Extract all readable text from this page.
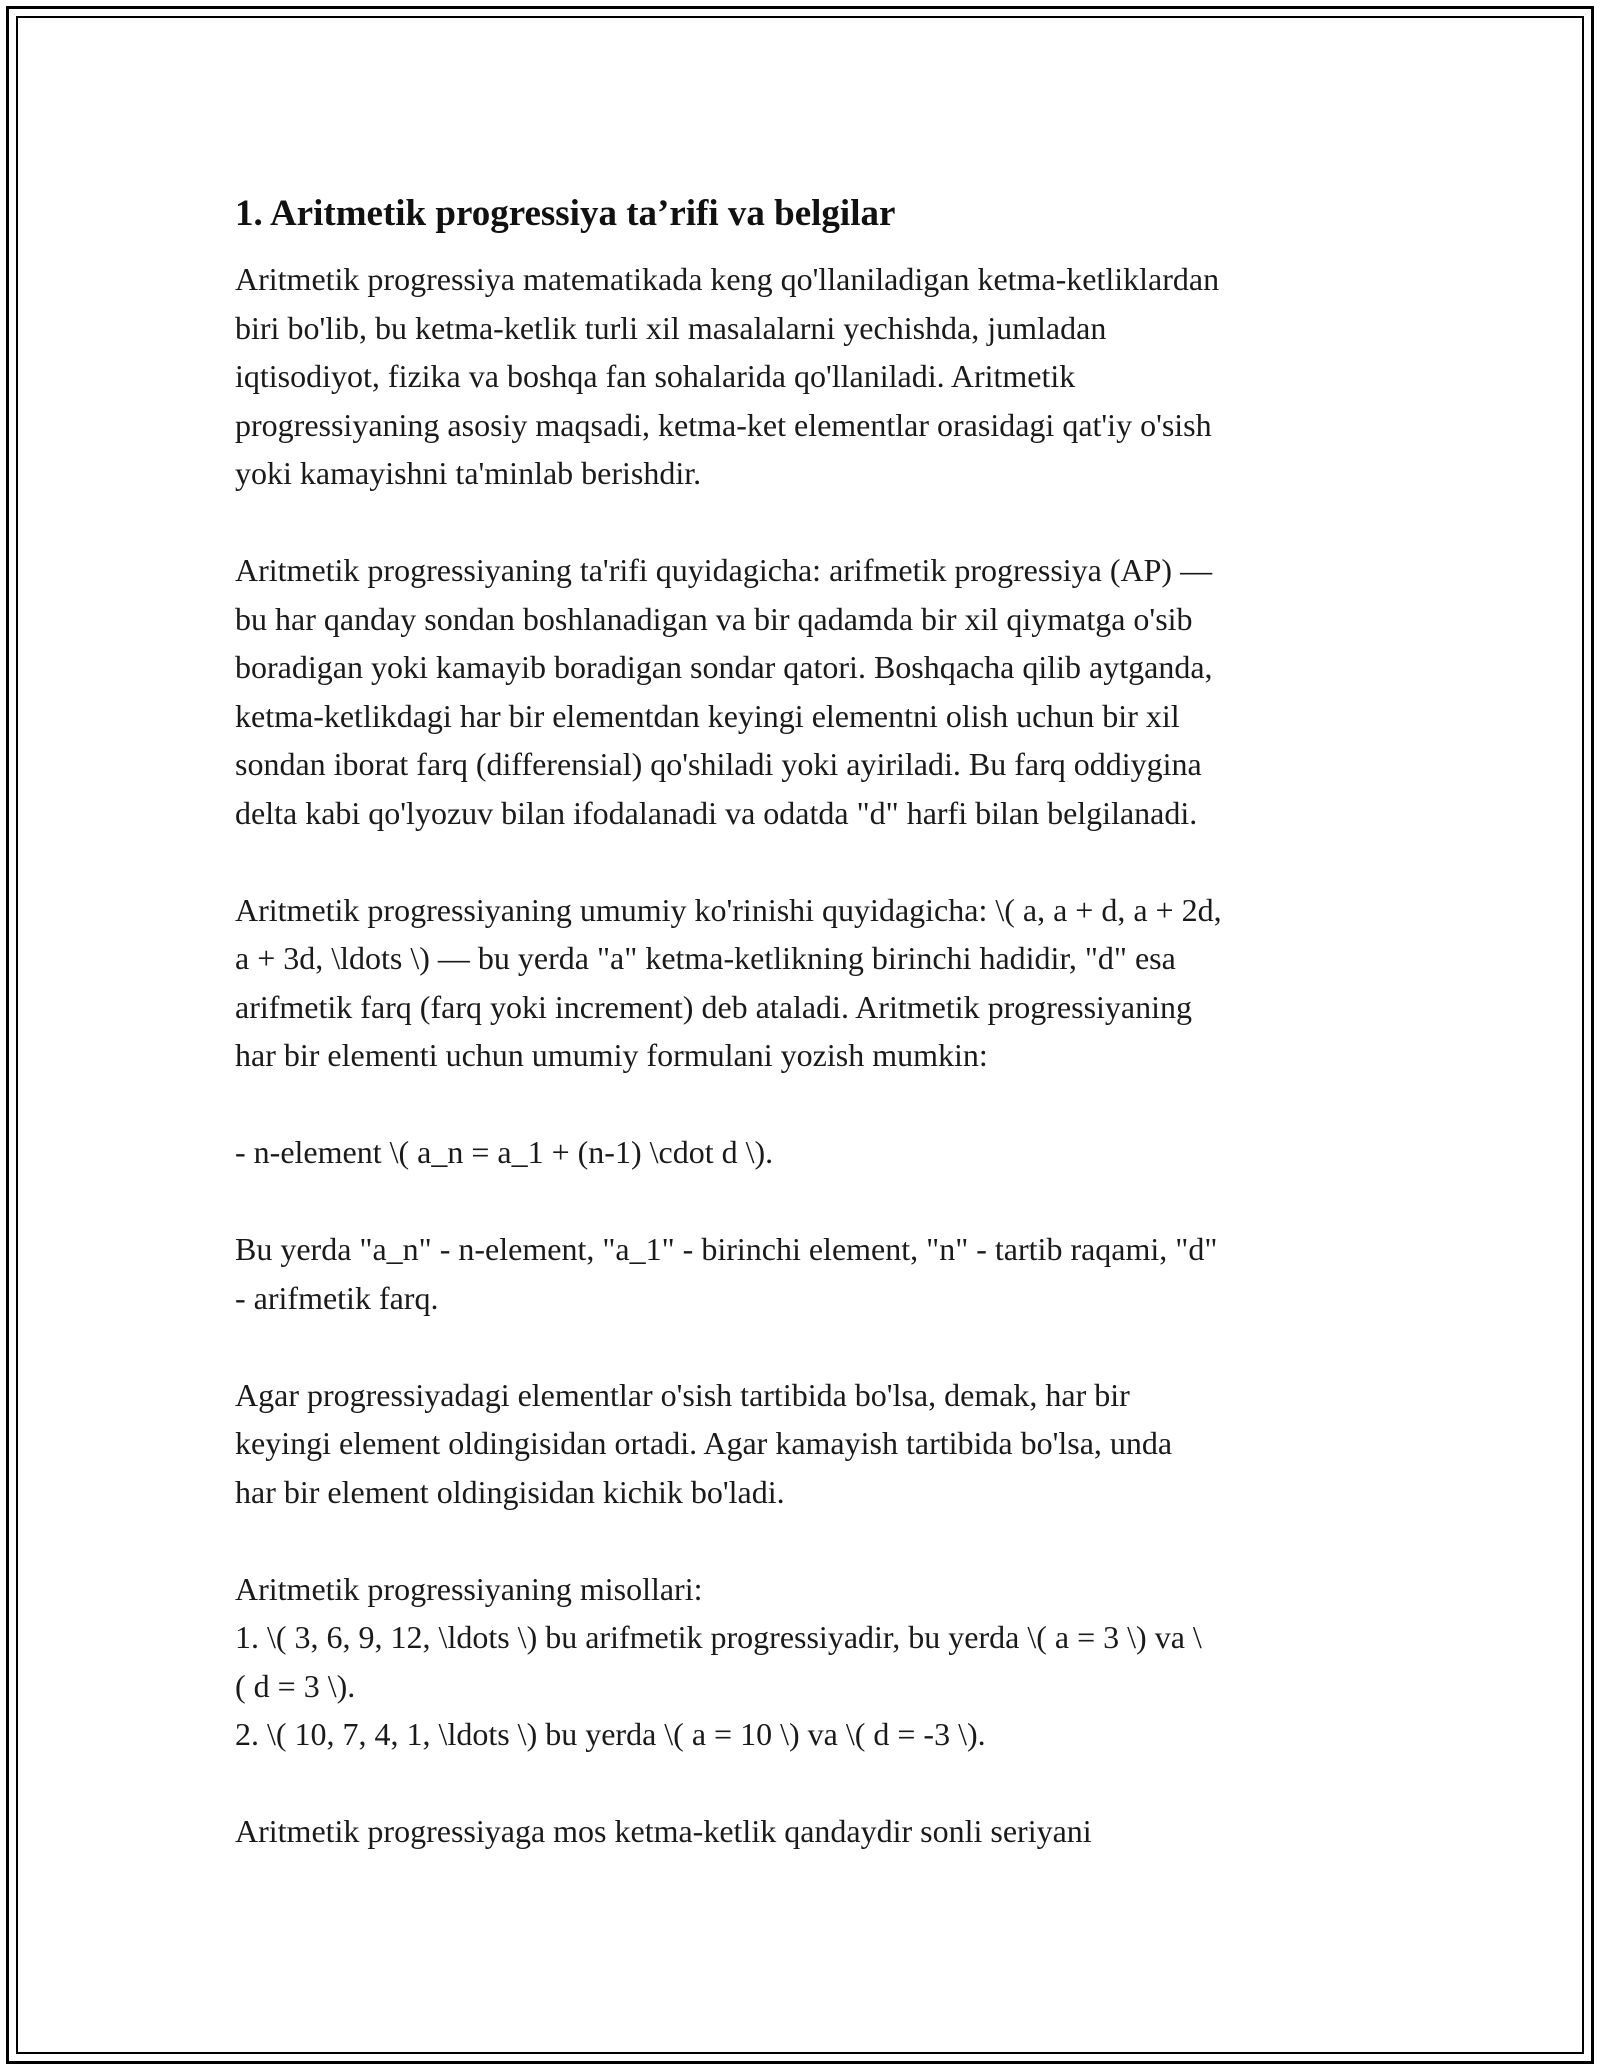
1. Aritmetik progressiya ta’rifi va belgilar
Aritmetik progressiya matematikada keng qo'llaniladigan ketma-ketliklardan
biri bo'lib, bu ketma-ketlik turli xil masalalarni yechishda, jumladan
iqtisodiyot, fizika va boshqa fan sohalarida qo'llaniladi. Aritmetik
progressiyaning asosiy maqsadi, ketma-ket elementlar orasidagi qat'iy o'sish
yoki kamayishni ta'minlab berishdir.
Aritmetik progressiyaning ta'rifi quyidagicha: arifmetik progressiya (AP) —
bu har qanday sondan boshlanadigan va bir qadamda bir xil qiymatga o'sib
boradigan yoki kamayib boradigan sondar qatori. Boshqacha qilib aytganda,
ketma-ketlikdagi har bir elementdan keyingi elementni olish uchun bir xil
sondan iborat farq (differensial) qo'shiladi yoki ayiriladi. Bu farq oddiygina
delta kabi qo'lyozuv bilan ifodalanadi va odatda "d" harfi bilan belgilanadi.
Aritmetik progressiyaning umumiy ko'rinishi quyidagicha: \( a, a + d, a + 2d,
a + 3d, \ldots \) — bu yerda "a" ketma-ketlikning birinchi hadidir, "d" esa
arifmetik farq (farq yoki increment) deb ataladi. Aritmetik progressiyaning
har bir elementi uchun umumiy formulani yozish mumkin:
- n-element \( a_n = a_1 + (n-1) \cdot d \).
Bu yerda "a_n" - n-element, "a_1" - birinchi element, "n" - tartib raqami, "d"
- arifmetik farq.
Agar progressiyadagi elementlar o'sish tartibida bo'lsa, demak, har bir
keyingi element oldingisidan ortadi. Agar kamayish tartibida bo'lsa, unda
har bir element oldingisidan kichik bo'ladi.
Aritmetik progressiyaning misollari:
1. \( 3, 6, 9, 12, \ldots \) bu arifmetik progressiyadir, bu yerda \( a = 3 \) va \
( d = 3 \).
2. \( 10, 7, 4, 1, \ldots \) bu yerda \( a = 10 \) va \( d = -3 \).
Aritmetik progressiyaga mos ketma-ketlik qandaydir sonli seriyani
